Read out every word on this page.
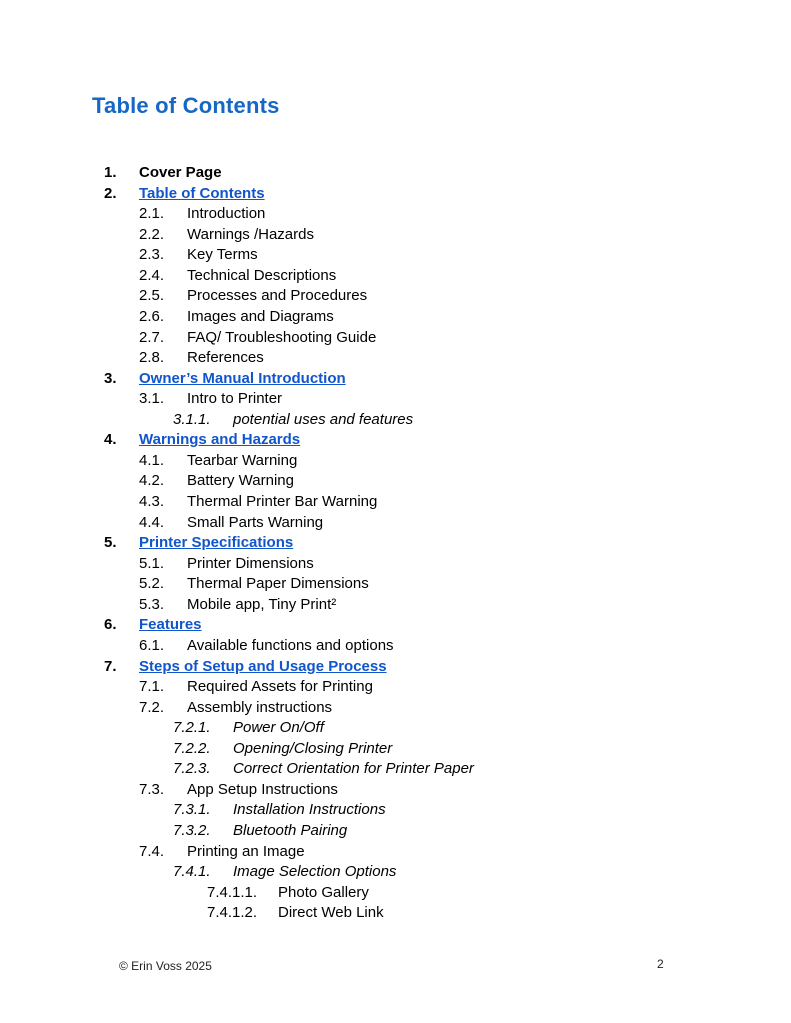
Table of Contents
1. Cover Page
2. Table of Contents
2.1. Introduction
2.2. Warnings /Hazards
2.3. Key Terms
2.4. Technical Descriptions
2.5. Processes and Procedures
2.6. Images and Diagrams
2.7. FAQ/ Troubleshooting Guide
2.8. References
3. Owner’s Manual Introduction
3.1. Intro to Printer
3.1.1. potential uses and features
4. Warnings and Hazards
4.1. Tearbar Warning
4.2. Battery Warning
4.3. Thermal Printer Bar Warning
4.4. Small Parts Warning
5. Printer Specifications
5.1. Printer Dimensions
5.2. Thermal Paper Dimensions
5.3. Mobile app, Tiny Print²
6. Features
6.1. Available functions and options
7. Steps of Setup and Usage Process
7.1. Required Assets for Printing
7.2. Assembly instructions
7.2.1. Power On/Off
7.2.2. Opening/Closing Printer
7.2.3. Correct Orientation for Printer Paper
7.3. App Setup Instructions
7.3.1. Installation Instructions
7.3.2. Bluetooth Pairing
7.4. Printing an Image
7.4.1. Image Selection Options
7.4.1.1. Photo Gallery
7.4.1.2. Direct Web Link
© Erin Voss 2025	2
